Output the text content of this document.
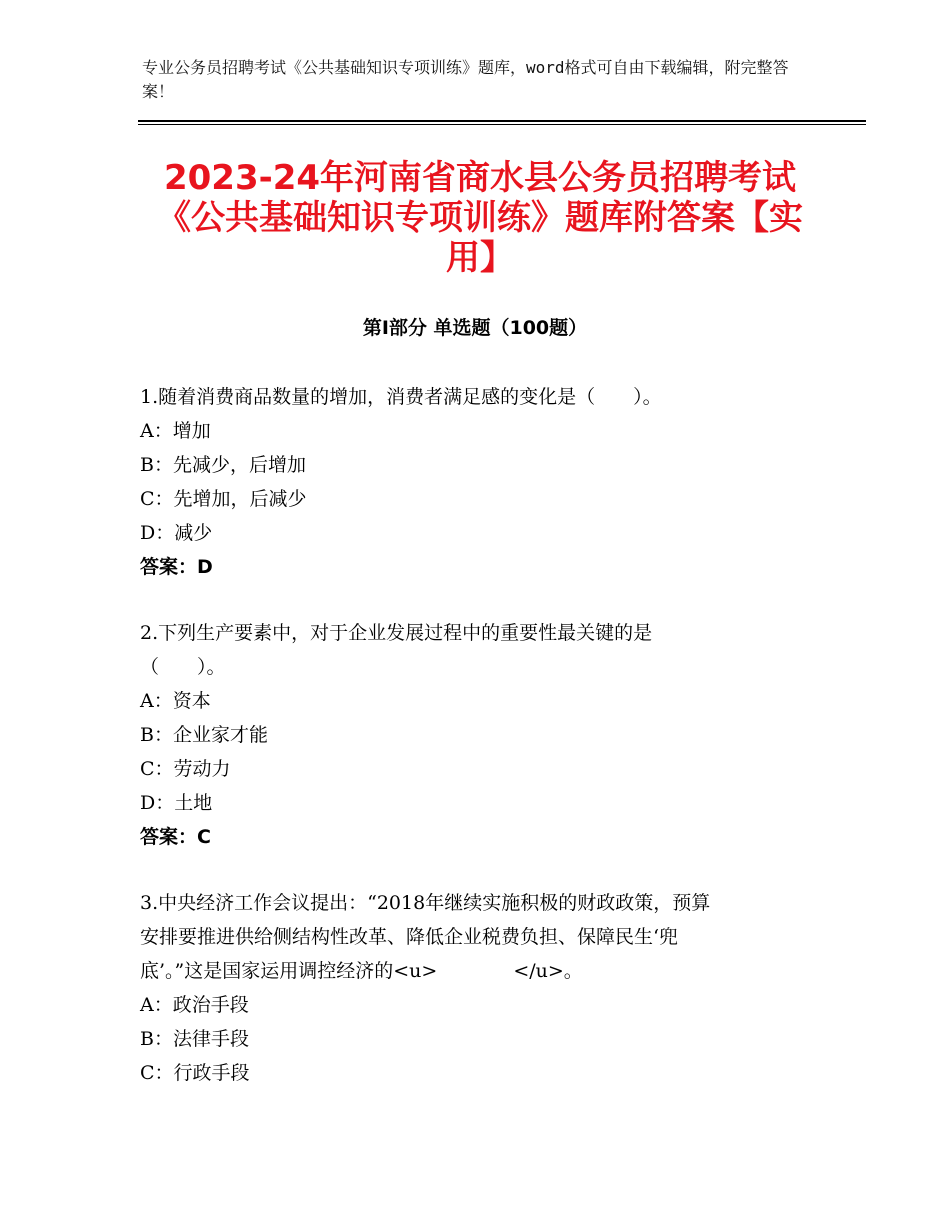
专业公务员招聘考试《公共基础知识专项训练》题库，word格式可自由下载编辑，附完整答案！
2023-24年河南省商水县公务员招聘考试
《公共基础知识专项训练》题库附答案【实
用】
第Ⅰ部分 单选题（100题）
1.随着消费商品数量的增加，消费者满足感的变化是（　　）。
A：增加
B：先减少，后增加
C：先增加，后减少
D：减少
答案：D
2.下列生产要素中，对于企业发展过程中的重要性最关键的是
（　　）。
A：资本
B：企业家才能
C：劳动力
D：土地
答案：C
3.中央经济工作会议提出：“2018年继续实施积极的财政政策，预算
安排要推进供给侧结构性改革、降低企业税费负担、保障民生‘兜
底’。”这是国家运用调控经济的<u>　　　　</u>。
A：政治手段
B：法律手段
C：行政手段
